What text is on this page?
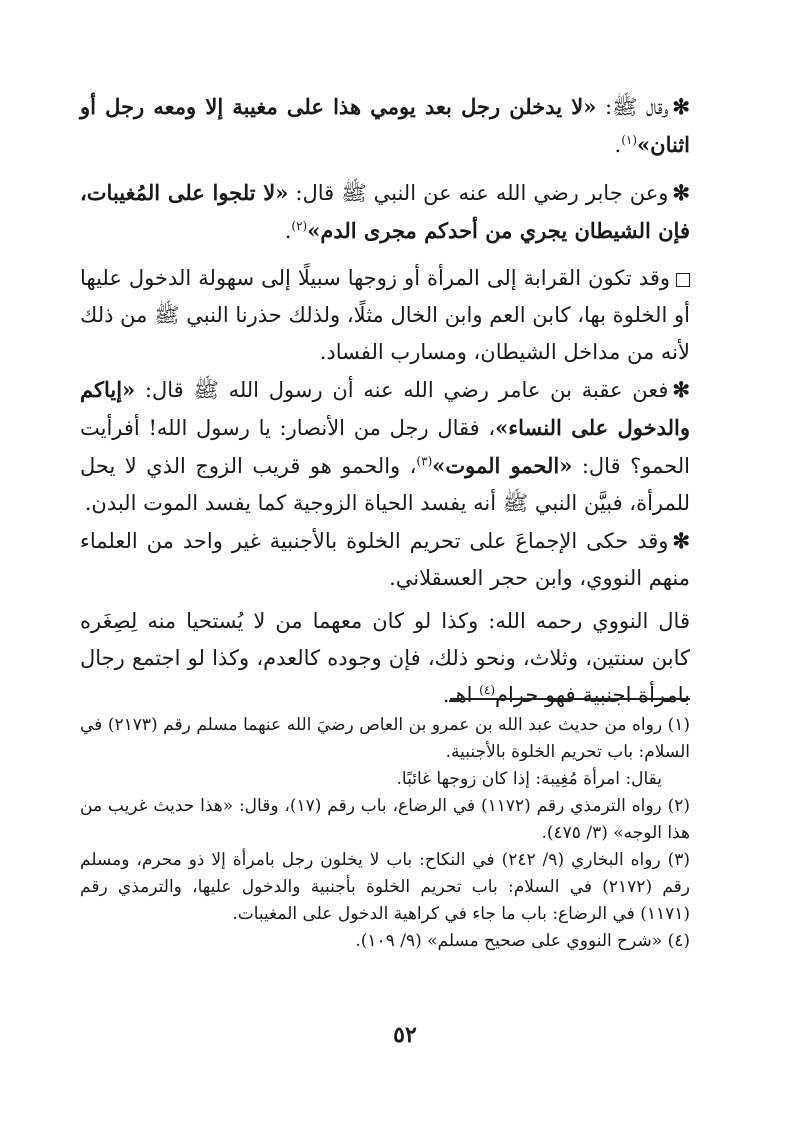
✻وقال ﷺ: «لا يدخلن رجل بعد يومي هذا على مغيبة إلا ومعه رجل أو اثنان»$^{(١)}$.

✻وعن جابر رضي الله عنه عن النبي ﷺ قال: «لا تلجوا على المُغيبات، فإن الشيطان يجري من أحدكم مجرى الدم»$^{(٢)}$.

وقد تكون القرابة إلى المرأة أو زوجها سبيلًا إلى سهولة الدخول عليها أو الخلوة بها، كابن العم وابن الخال مثلًا، ولذلك حذرنا النبي ﷺ من ذلك لأنه من مداخل الشيطان، ومسارب الفساد.

✻فعن عقبة بن عامر رضي الله عنه أن رسول الله ﷺ قال: «إياكم والدخول على النساء»، فقال رجل من الأنصار: يا رسول الله! أفرأيت الحمو؟ قال: «الحمو الموت»$^{(٣)}$، والحمو هو قريب الزوج الذي لا يحل للمرأة، فبيَّن النبي ﷺ أنه يفسد الحياة الزوجية كما يفسد الموت البدن.

✻وقد حكى الإجماعَ على تحريم الخلوة بالأجنبية غير واحد من العلماء منهم النووي، وابن حجر العسقلاني.

قال النووي رحمه الله: وكذا لو كان معهما من لا يُستحيا منه لِصِغَره كابن سنتين، وثلاث، ونحو ذلك، فإن وجوده كالعدم، وكذا لو اجتمع رجال بامرأة اجنبية فهو حرام$^{(٤)}$ اهـ.

(١) رواه من حديث عبد الله بن عمرو بن العاص رضيَ الله عنهما مسلم رقم (٢١٧٣) في السلام: باب تحريم الخلوة بالأجنبية.

يقال: امرأة مُغِيبة: إذا كان زوجها غائبًا.

(٢) رواه الترمذي رقم (١١٧٢) في الرضاع، باب رقم (١٧)، وقال: «هذا حديث غريب من هذا الوجه» (٣/ ٤٧٥).

(٣) رواه البخاري (٩/ ٢٤٢) في النكاح: باب لا يخلون رجل بامرأة إلا ذو محرم، ومسلم رقم (٢١٧٢) في السلام: باب تحريم الخلوة بأجنبية والدخول عليها، والترمذي رقم (١١٧١) في الرضاع: باب ما جاء في كراهية الدخول على المغيبات.

(٤) «شرح النووي على صحيح مسلم» (٩/ ١٠٩).

٥٢
